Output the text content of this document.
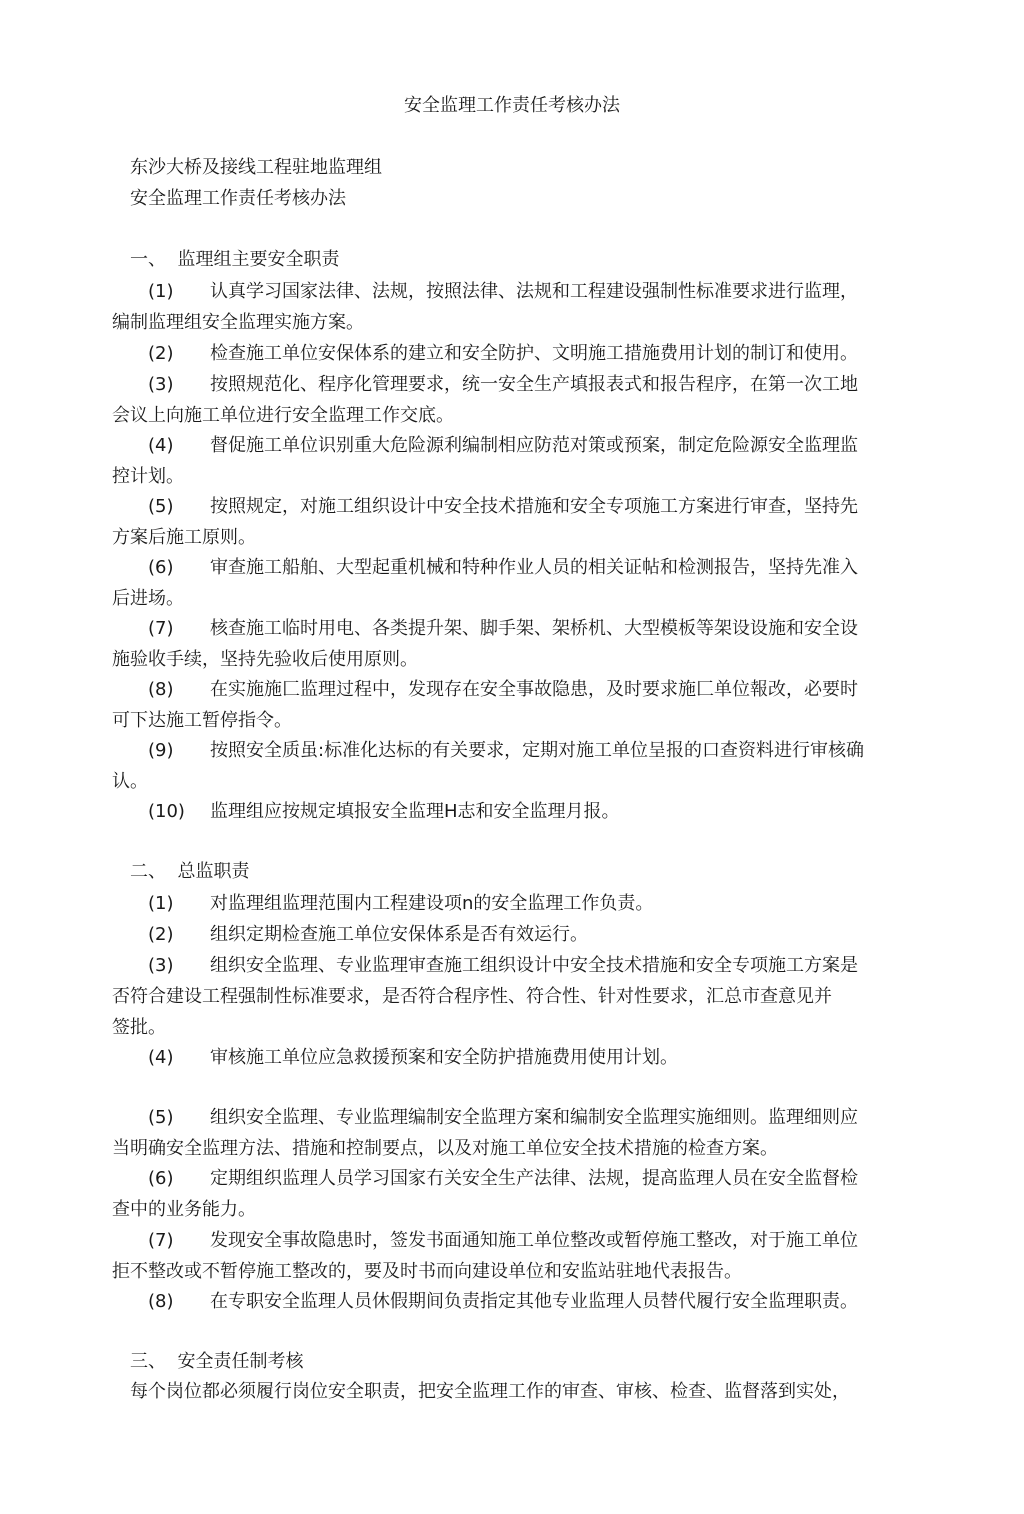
安全监理工作责任考核办法
东沙大桥及接线工程驻地监理组
安全监理工作责任考核办法
一、  监理组主要安全职责
(1) 认真学习国家法律、法规，按照法律、法规和工程建设强制性标准要求进行监理，
编制监理组安全监理实施方案。
(2) 检查施工单位安保体系的建立和安全防护、文明施工措施费用计划的制订和使用。
(3) 按照规范化、程序化管理要求，统一安全生产填报表式和报告程序，在第一次工地
会议上向施工单位进行安全监理工作交底。
(4) 督促施工单位识别重大危险源利编制相应防范对策或预案，制定危险源安全监理监
控计划。
(5) 按照规定，对施工组织设计中安全技术措施和安全专项施工方案进行审查，坚持先
方案后施工原则。
(6) 审查施工船舶、大型起重机械和特种作业人员的相关证帖和检测报告，坚持先准入
后进场。
(7) 核查施工临时用电、各类提升架、脚手架、架桥机、大型模板等架设设施和安全设
施验收手续，坚持先验收后使用原则。
(8) 在实施施匚监理过程中，发现存在安全事故隐患，及时要求施匚单位報改，必要时
可下达施工暂停指令。
(9) 按照安全质虽:标准化达标的有关要求，定期对施工单位呈报的口查资料进行审核确
认。
(10) 监理组应按规定填报安全监理H志和安全监理月报。
二、  总监职责
(1) 对监理组监理范围内工程建设项n的安全监理工作负责。
(2) 组织定期检查施工单位安保体系是否有效运行。
(3) 组织安全监理、专业监理审查施工组织设计中安全技术措施和安全专项施工方案是
否符合建设工程强制性标准要求，是否符合程序性、符合性、针对性要求，汇总市查意见并
签批。
(4) 审核施工单位应急救援预案和安全防护措施费用使用计划。
(5) 组织安全监理、专业监理编制安全监理方案和编制安全监理实施细则。监理细则应
当明确安全监理方法、措施和控制要点，以及对施工单位安全技术措施的检查方案。
(6) 定期组织监理人员学习国家冇关安全生产法律、法规，提高监理人员在安全监督检
查中的业务能力。
(7) 发现安全事故隐患时，签发书面通知施工单位整改或暂停施工整改，对于施工单位
拒不整改或不暂停施工整改的，要及时书而向建设单位和安监站驻地代表报告。
(8) 在专职安全监理人员休假期间负责指定其他专业监理人员替代履行安全监理职责。
三、  安全责任制考核
每个岗位都必须履行岗位安全职责，把安全监理工作的审查、审核、检查、监督落到实处，
